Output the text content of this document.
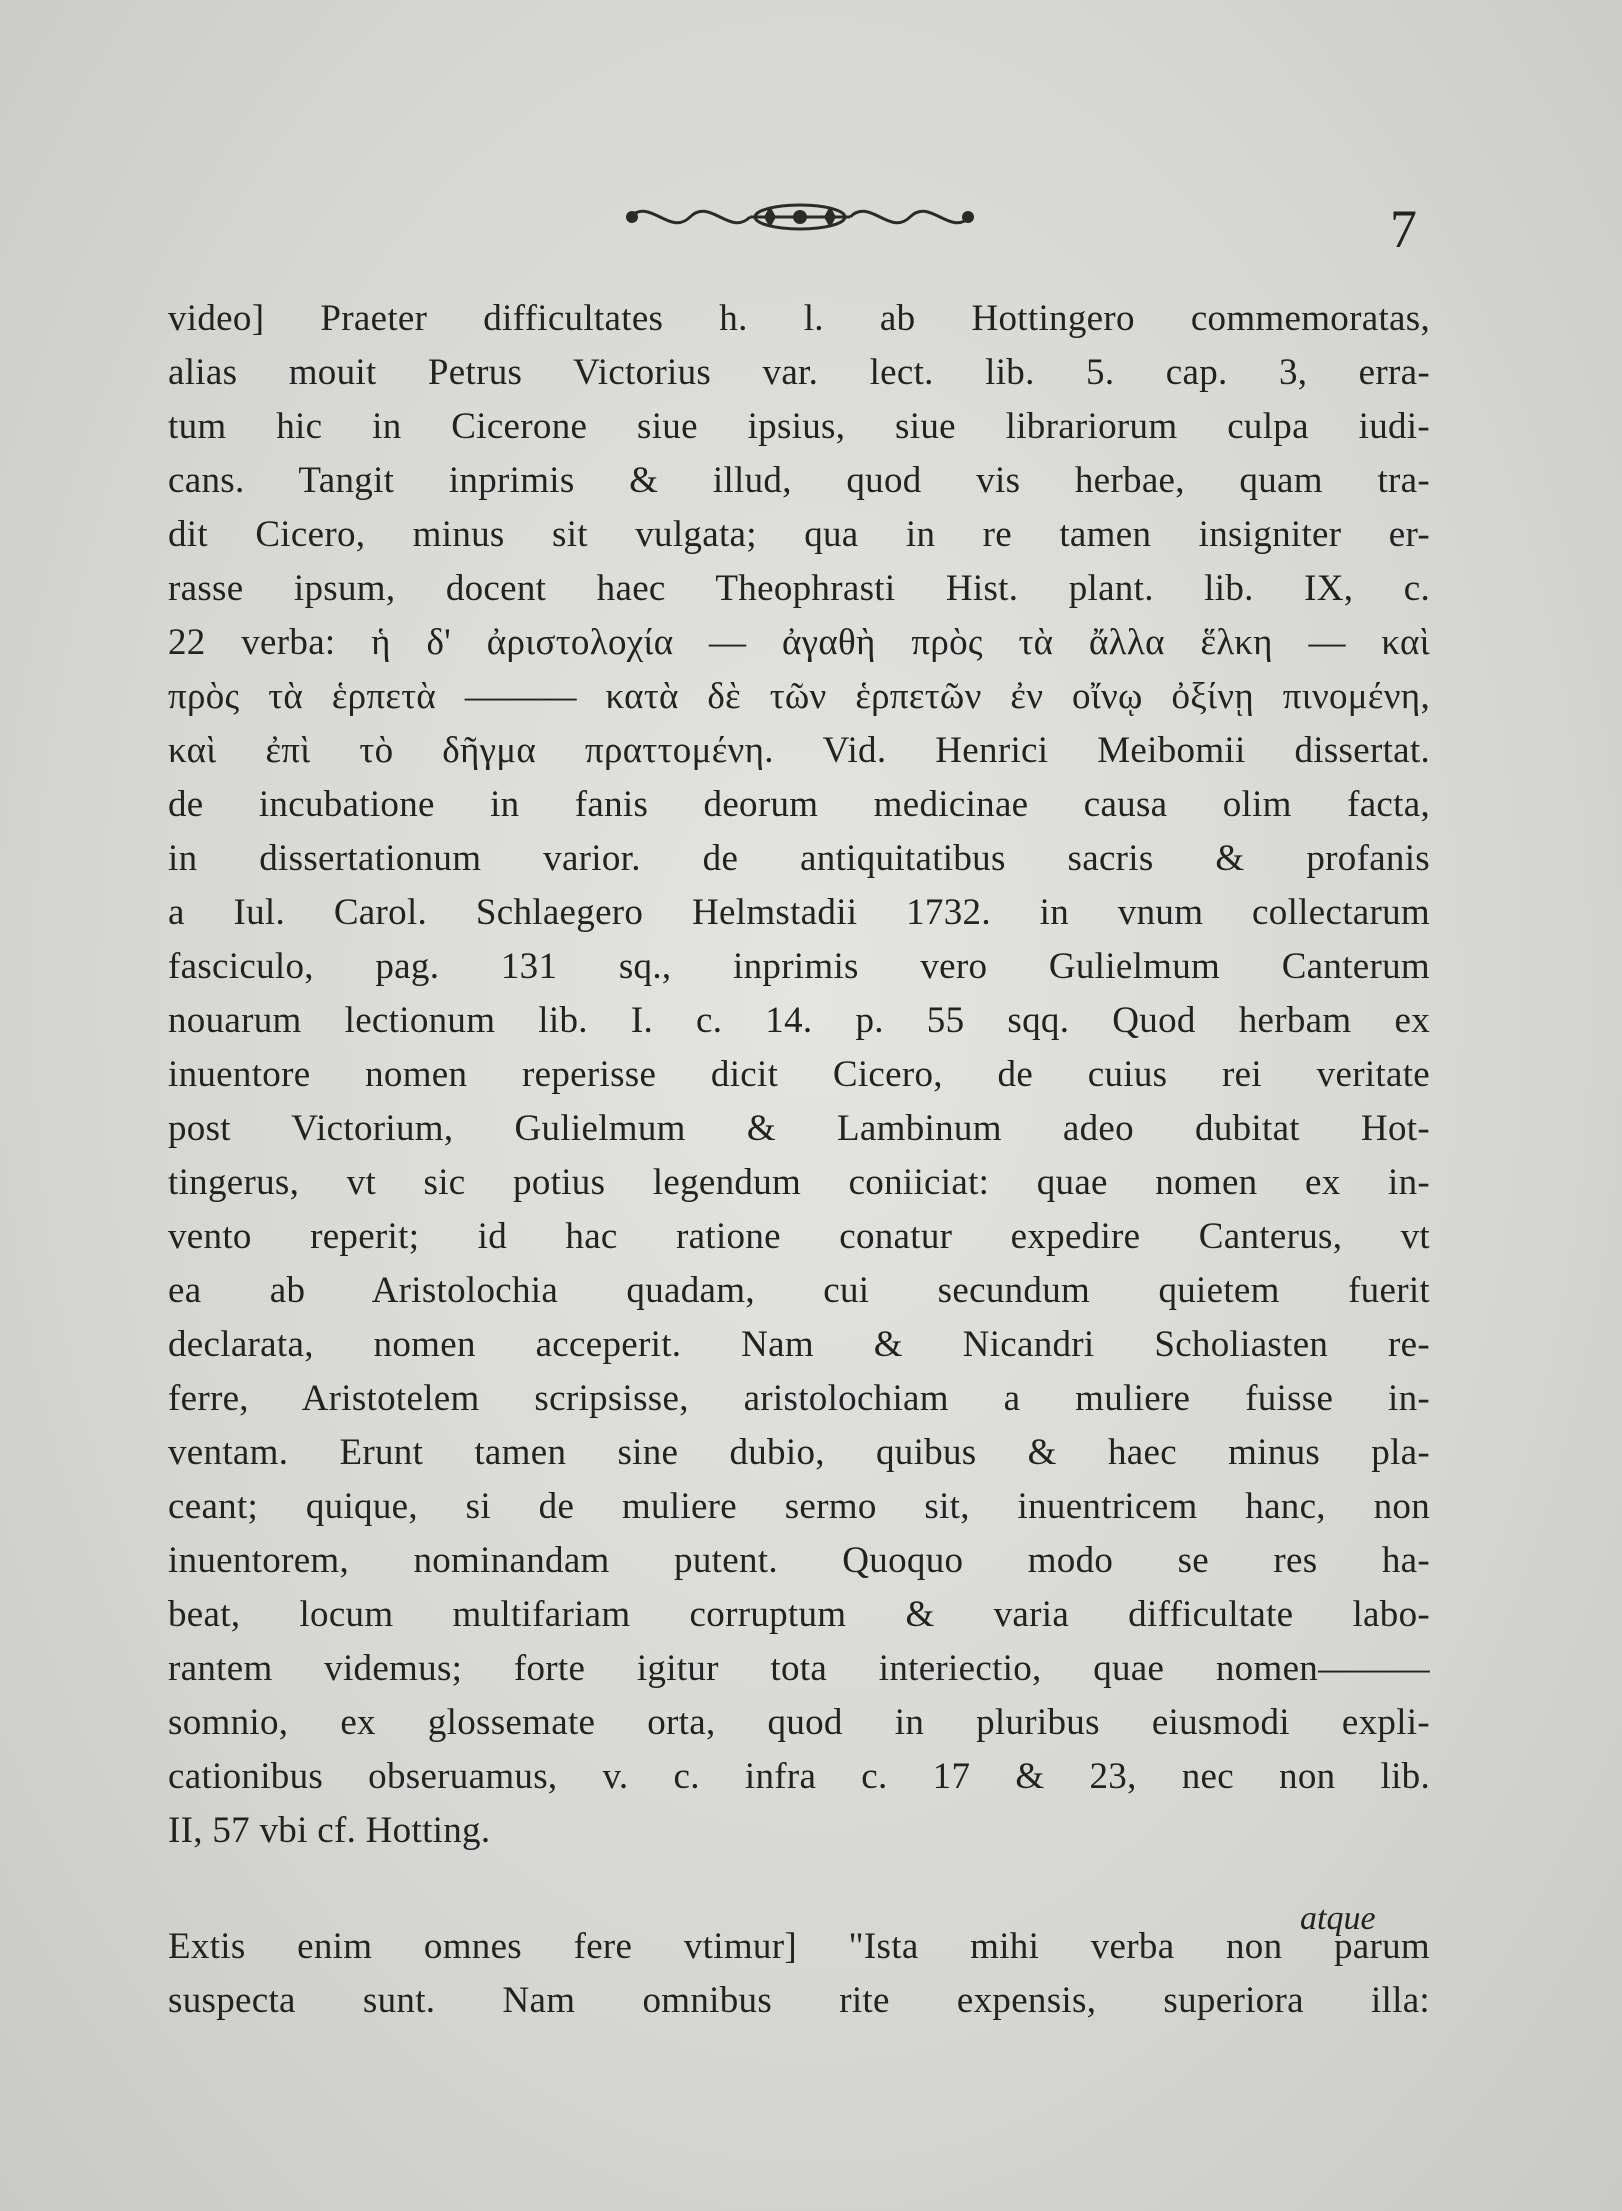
7
video] Praeter difficultates h. l. ab Hottingero commemoratas,
alias mouit Petrus Victorius var. lect. lib. 5. cap. 3, erra-
tum hic in Cicerone siue ipsius, siue librariorum culpa iudi-
cans. Tangit inprimis & illud, quod vis herbae, quam tra-
dit Cicero, minus sit vulgata; qua in re tamen insigniter er-
rasse ipsum, docent haec Theophrasti Hist. plant. lib. IX, c.
22 verba: ἡ δ' ἀριστολοχία — ἀγαθὴ πρὸς τὰ ἄλλα ἕλκη — καὶ
πρὸς τὰ ἑρπετὰ ——— κατὰ δὲ τῶν ἑρπετῶν ἐν οἴνῳ ὀξίνῃ πινομένη,
καὶ ἐπὶ τὸ δῆγμα πραττομένη. Vid. Henrici Meibomii dissertat.
de incubatione in fanis deorum medicinae causa olim facta,
in dissertationum varior. de antiquitatibus sacris & profanis
a Iul. Carol. Schlaegero Helmstadii 1732. in vnum collectarum
fasciculo, pag. 131 sq., inprimis vero Gulielmum Canterum
nouarum lectionum lib. I. c. 14. p. 55 sqq. Quod herbam ex
inuentore nomen reperisse dicit Cicero, de cuius rei veritate
post Victorium, Gulielmum & Lambinum adeo dubitat Hot-
tingerus, vt sic potius legendum coniiciat: quae nomen ex in-
vento reperit; id hac ratione conatur expedire Canterus, vt
ea ab Aristolochia quadam, cui secundum quietem fuerit
declarata, nomen acceperit. Nam & Nicandri Scholiasten re-
ferre, Aristotelem scripsisse, aristolochiam a muliere fuisse in-
ventam. Erunt tamen sine dubio, quibus & haec minus pla-
ceant; quique, si de muliere sermo sit, inuentricem hanc, non
inuentorem, nominandam putent. Quoquo modo se res ha-
beat, locum multifariam corruptum & varia difficultate labo-
rantem videmus; forte igitur tota interiectio, quae nomen———
somnio, ex glossemate orta, quod in pluribus eiusmodi expli-
cationibus obseruamus, v. c. infra c. 17 & 23, nec non lib.
II, 57 vbi cf. Hotting.
Extis enim omnes fere vtimur] "Ista mihi verba non parum
suspecta sunt. Nam omnibus rite expensis, superiora illa:
atque
